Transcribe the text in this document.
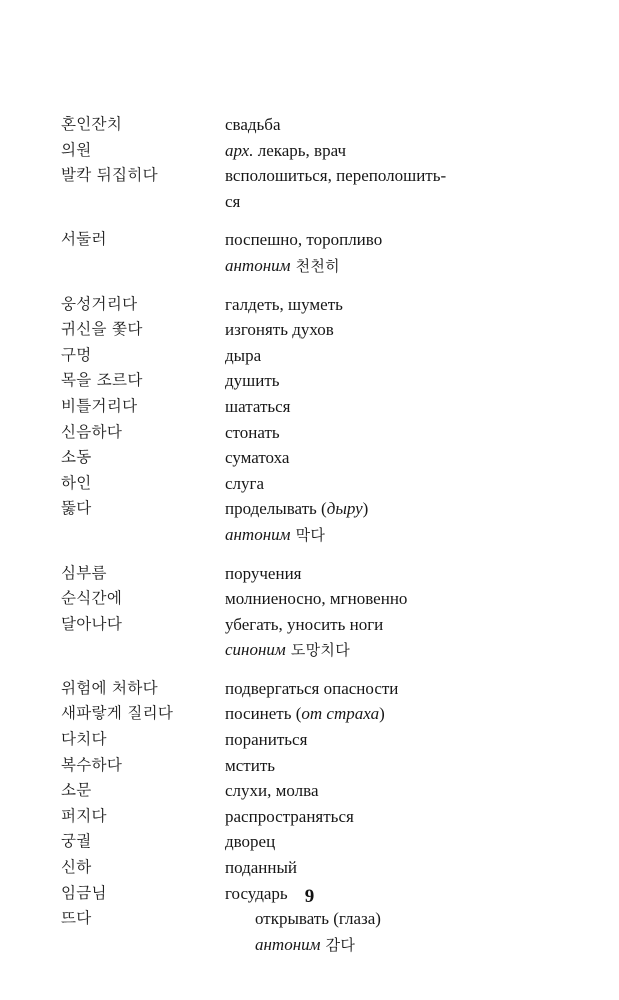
혼인잔치	свадьба
의원	арх. лекарь, врач
발칵 뒤집히다	всполошиться, переполошить-
ся
서둘러	поспешно, торопливо
антоним 천천히
웅성거리다	галдеть, шуметь
귀신을 쫓다	изгонять духов
구멍	дыра
목을 조르다	душить
비틀거리다	шататься
신음하다	стонать
소동	суматоха
하인	слуга
뚫다	проделывать (дыру)
антоним 막다
심부름	поручения
순식간에	молниеносно, мгновенно
달아나다	убегать, уносить ноги
синоним 도망치다
위험에 처하다	подвергаться опасности
새파랗게 질리다	посинеть (от страха)
다치다	пораниться
복수하다	мстить
소문	слухи, молва
퍼지다	распространяться
궁궐	дворец
신하	поданный
임금님	государь
뜨다	открывать (глаза)
антоним 감다
9
